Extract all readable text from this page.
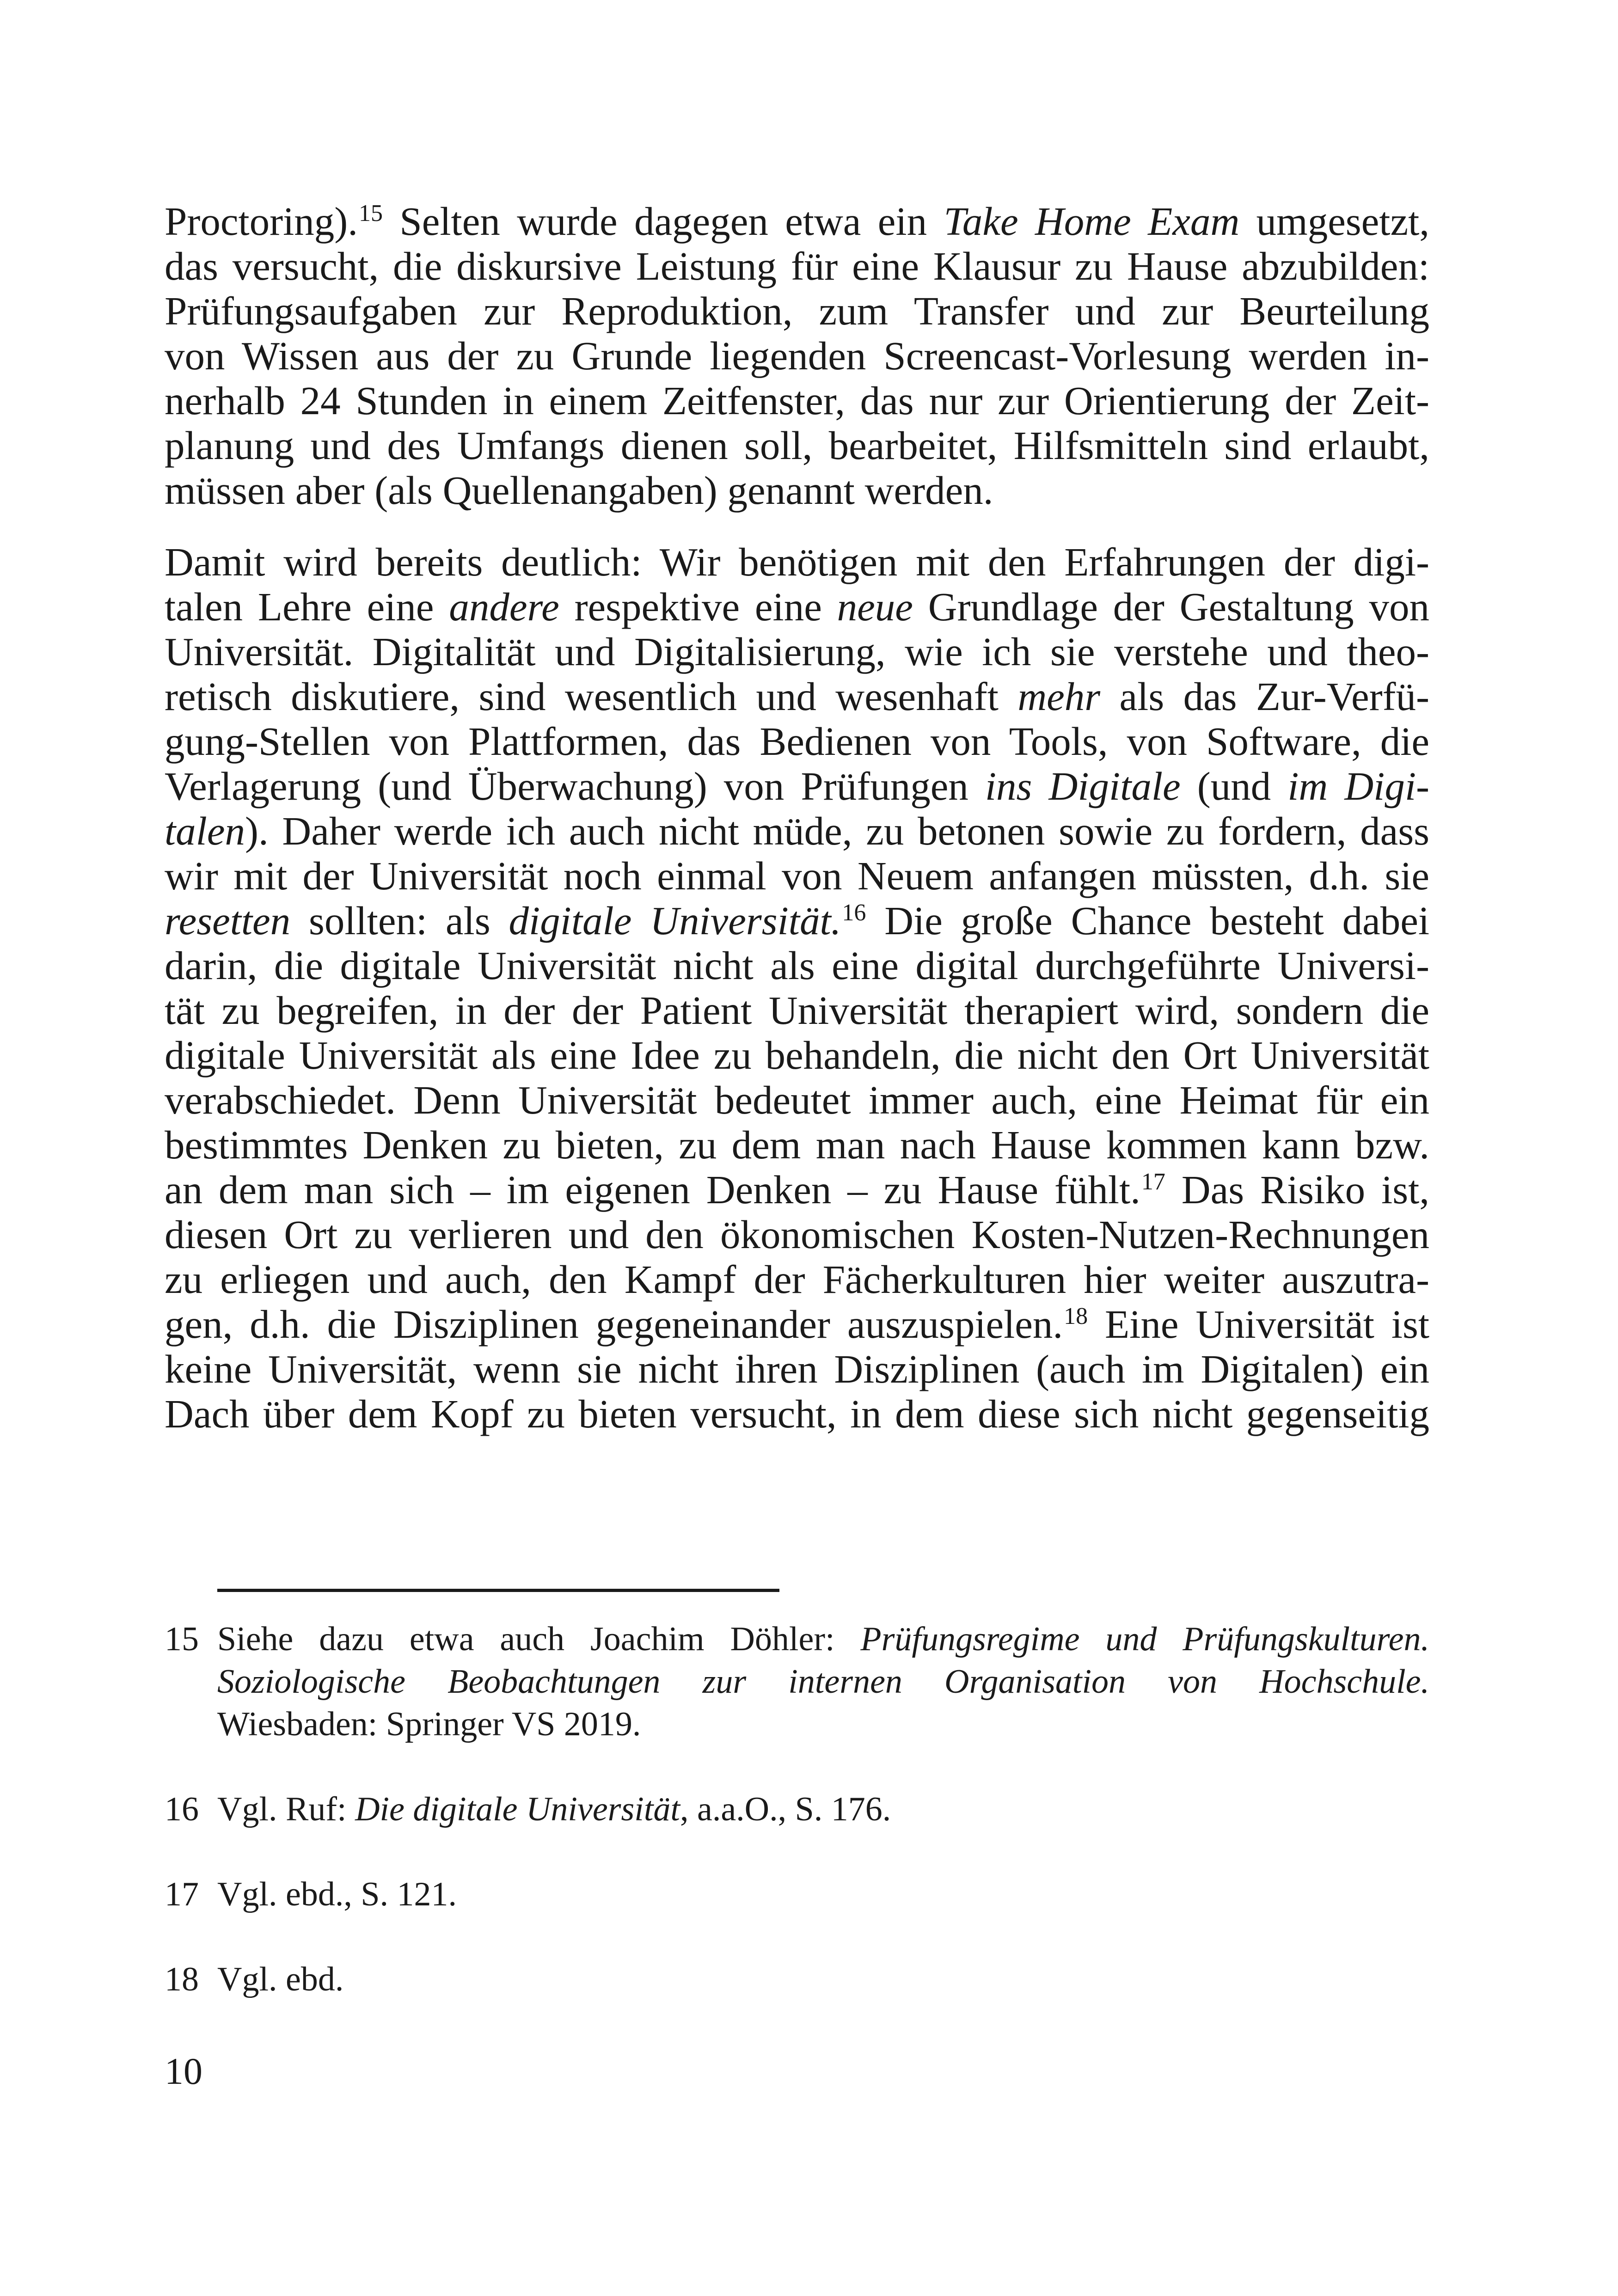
Proctoring).$^{15}$ Selten wurde dagegen etwa ein Take Home Exam umgesetzt,
das versucht, die diskursive Leistung für eine Klausur zu Hause abzubilden:
Prüfungsaufgaben zur Reproduktion, zum Transfer und zur Beurteilung
von Wissen aus der zu Grunde liegenden Screencast-Vorlesung werden in-
nerhalb 24 Stunden in einem Zeitfenster, das nur zur Orientierung der Zeit-
planung und des Umfangs dienen soll, bearbeitet, Hilfsmitteln sind erlaubt,
müssen aber (als Quellenangaben) genannt werden.

Damit wird bereits deutlich: Wir benötigen mit den Erfahrungen der digi-
talen Lehre eine andere respektive eine neue Grundlage der Gestaltung von
Universität. Digitalität und Digitalisierung, wie ich sie verstehe und theo-
retisch diskutiere, sind wesentlich und wesenhaft mehr als das Zur-Verfü-
gung-Stellen von Plattformen, das Bedienen von Tools, von Software, die
Verlagerung (und Überwachung) von Prüfungen ins Digitale (und im Digi-
talen). Daher werde ich auch nicht müde, zu betonen sowie zu fordern, dass
wir mit der Universität noch einmal von Neuem anfangen müssten, d.h. sie
resetten sollten: als digitale Universität.$^{16}$ Die große Chance besteht dabei
darin, die digitale Universität nicht als eine digital durchgeführte Universi-
tät zu begreifen, in der der Patient Universität therapiert wird, sondern die
digitale Universität als eine Idee zu behandeln, die nicht den Ort Universität
verabschiedet. Denn Universität bedeutet immer auch, eine Heimat für ein
bestimmtes Denken zu bieten, zu dem man nach Hause kommen kann bzw.
an dem man sich – im eigenen Denken – zu Hause fühlt.$^{17}$ Das Risiko ist,
diesen Ort zu verlieren und den ökonomischen Kosten-Nutzen-Rechnungen
zu erliegen und auch, den Kampf der Fächerkulturen hier weiter auszutra-
gen, d.h. die Disziplinen gegeneinander auszuspielen.$^{18}$ Eine Universität ist
keine Universität, wenn sie nicht ihren Disziplinen (auch im Digitalen) ein
Dach über dem Kopf zu bieten versucht, in dem diese sich nicht gegenseitig

15 Siehe dazu etwa auch Joachim Döhler: Prüfungsregime und Prüfungskulturen.
Soziologische Beobachtungen zur internen Organisation von Hochschule.
Wiesbaden: Springer VS 2019.
16 Vgl. Ruf: Die digitale Universität, a.a.O., S. 176.
17 Vgl. ebd., S. 121.
18 Vgl. ebd.
10
